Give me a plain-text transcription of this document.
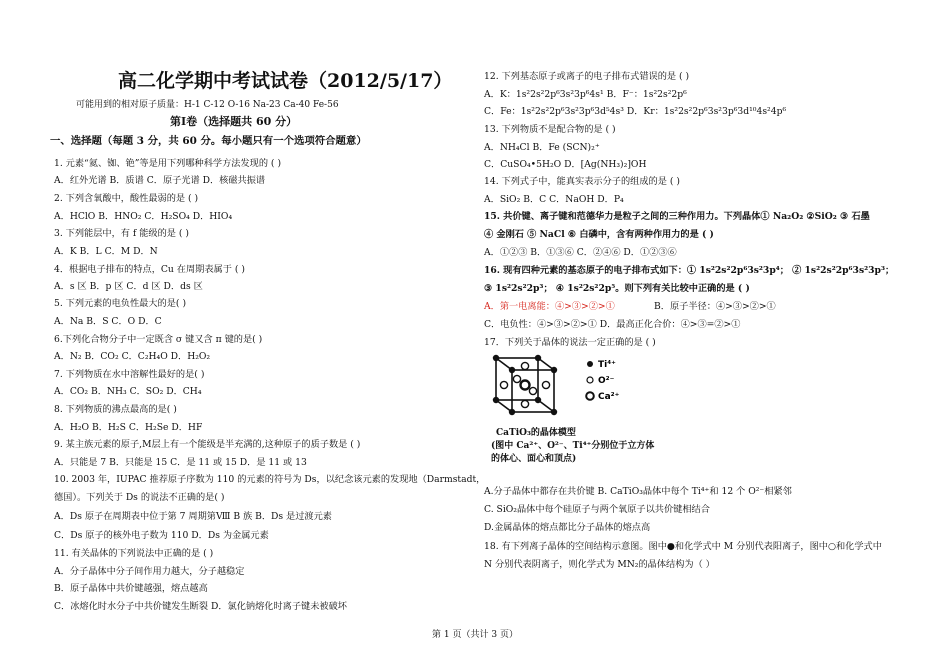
高二化学期中考试试卷（2012/5/17）
可能用到的相对原子质量：H-1 C-12 O-16 Na-23 Ca-40 Fe-56
第Ⅰ卷（选择题共 60 分）
一、选择题（每题 3 分，共 60 分。每小题只有一个选项符合题意）
1. 元素“氦、铷、铯”等是用下列哪种科学方法发现的 ( )
A．红外光谱 B．质谱 C．原子光谱 D．核磁共振谱
2. 下列含氧酸中，酸性最弱的是 ( )
A．HClO B．HNO₂ C．H₂SO₄ D．HIO₄
3. 下列能层中，有 f 能级的是 ( )
A．K B．L C．M D．N
4．根据电子排布的特点，Cu 在周期表属于 ( )
A．s 区 B．p 区 C．d 区 D．ds 区
5. 下列元素的电负性最大的是( )
A．Na B．S C．O D．C
6.下列化合物分子中一定既含 σ 键又含 π 键的是( )
A．N₂ B．CO₂ C．C₂H₄O D．H₂O₂
7. 下列物质在水中溶解性最好的是( )
A．CO₂ B．NH₃ C．SO₂ D．CH₄
8. 下列物质的沸点最高的是( )
A．H₂O B．H₂S C．H₂Se D．HF
9. 某主族元素的原子,M层上有一个能级是半充满的,这种原子的质子数是 ( )
A．只能是 7 B．只能是 15 C．是 11 或 15 D．是 11 或 13
10. 2003 年，IUPAC 推荐原子序数为 110 的元素的符号为 Ds，以纪念该元素的发现地（Darmstadt，
德国）。下列关于 Ds 的说法不正确的是( )
A．Ds 原子在周期表中位于第 7 周期第Ⅷ B 族 B．Ds 是过渡元素
C．Ds 原子的核外电子数为 110 D．Ds 为金属元素
11. 有关晶体的下列说法中正确的是 ( )
A．分子晶体中分子间作用力越大，分子越稳定
B．原子晶体中共价键越强，熔点越高
C．冰熔化时水分子中共价键发生断裂 D．氯化钠熔化时离子键未被破坏
12. 下列基态原子或离子的电子排布式错误的是 ( )
A．K：1s²2s²2p⁶3s²3p⁶4s¹ B．F⁻：1s²2s²2p⁶
C．Fe：1s²2s²2p⁶3s²3p⁶3d⁵4s³ D．Kr：1s²2s²2p⁶3s²3p⁶3d¹⁰4s²4p⁶
13. 下列物质不是配合物的是 ( )
A．NH₄Cl B．Fe (SCN)₂⁺
C．CuSO₄•5H₂O D．[Ag(NH₃)₂]OH
14. 下列式子中，能真实表示分子的组成的是 ( )
A．SiO₂ B．C C．NaOH D．P₄
15. 共价键、离子键和范德华力是粒子之间的三种作用力。下列晶体① Na₂O₂ ②SiO₂ ③ 石墨
④ 金刚石 ⑤ NaCl ⑥ 白磷中，含有两种作用力的是 ( )
A．①②③ B．①③⑥ C．②④⑥ D．①②③⑥
16. 现有四种元素的基态原子的电子排布式如下：① 1s²2s²2p⁶3s²3p⁴； ② 1s²2s²2p⁶3s²3p³；
③ 1s²2s²2p³； ④ 1s²2s²2p⁵。则下列有关比较中正确的是 ( )
A．第一电离能：④>③>②>①	B．原子半径：④>③>②>①
C．电负性：④>③>②>① D．最高正化合价：④>③=②>①
17．下列关于晶体的说法一定正确的是 ( )
A.分子晶体中都存在共价键 B. CaTiO₃晶体中每个 Ti⁴⁺和 12 个 O²⁻相紧邻
C. SiO₂晶体中每个硅原子与两个氧原子以共价键相结合
D.金属晶体的熔点都比分子晶体的熔点高
18. 有下列离子晶体的空间结构示意图。图中●和化学式中 M 分别代表阳离子，图中○和化学式中
N 分别代表阴离子，则化学式为 MN₂的晶体结构为（ ）
Ti⁴⁺
O²⁻
Ca²⁺
CaTiO₃的晶体模型
(图中 Ca²⁺、O²⁻、Ti⁴⁺分别位于立方体
的体心、面心和顶点)
第 1 页（共计 3 页）
